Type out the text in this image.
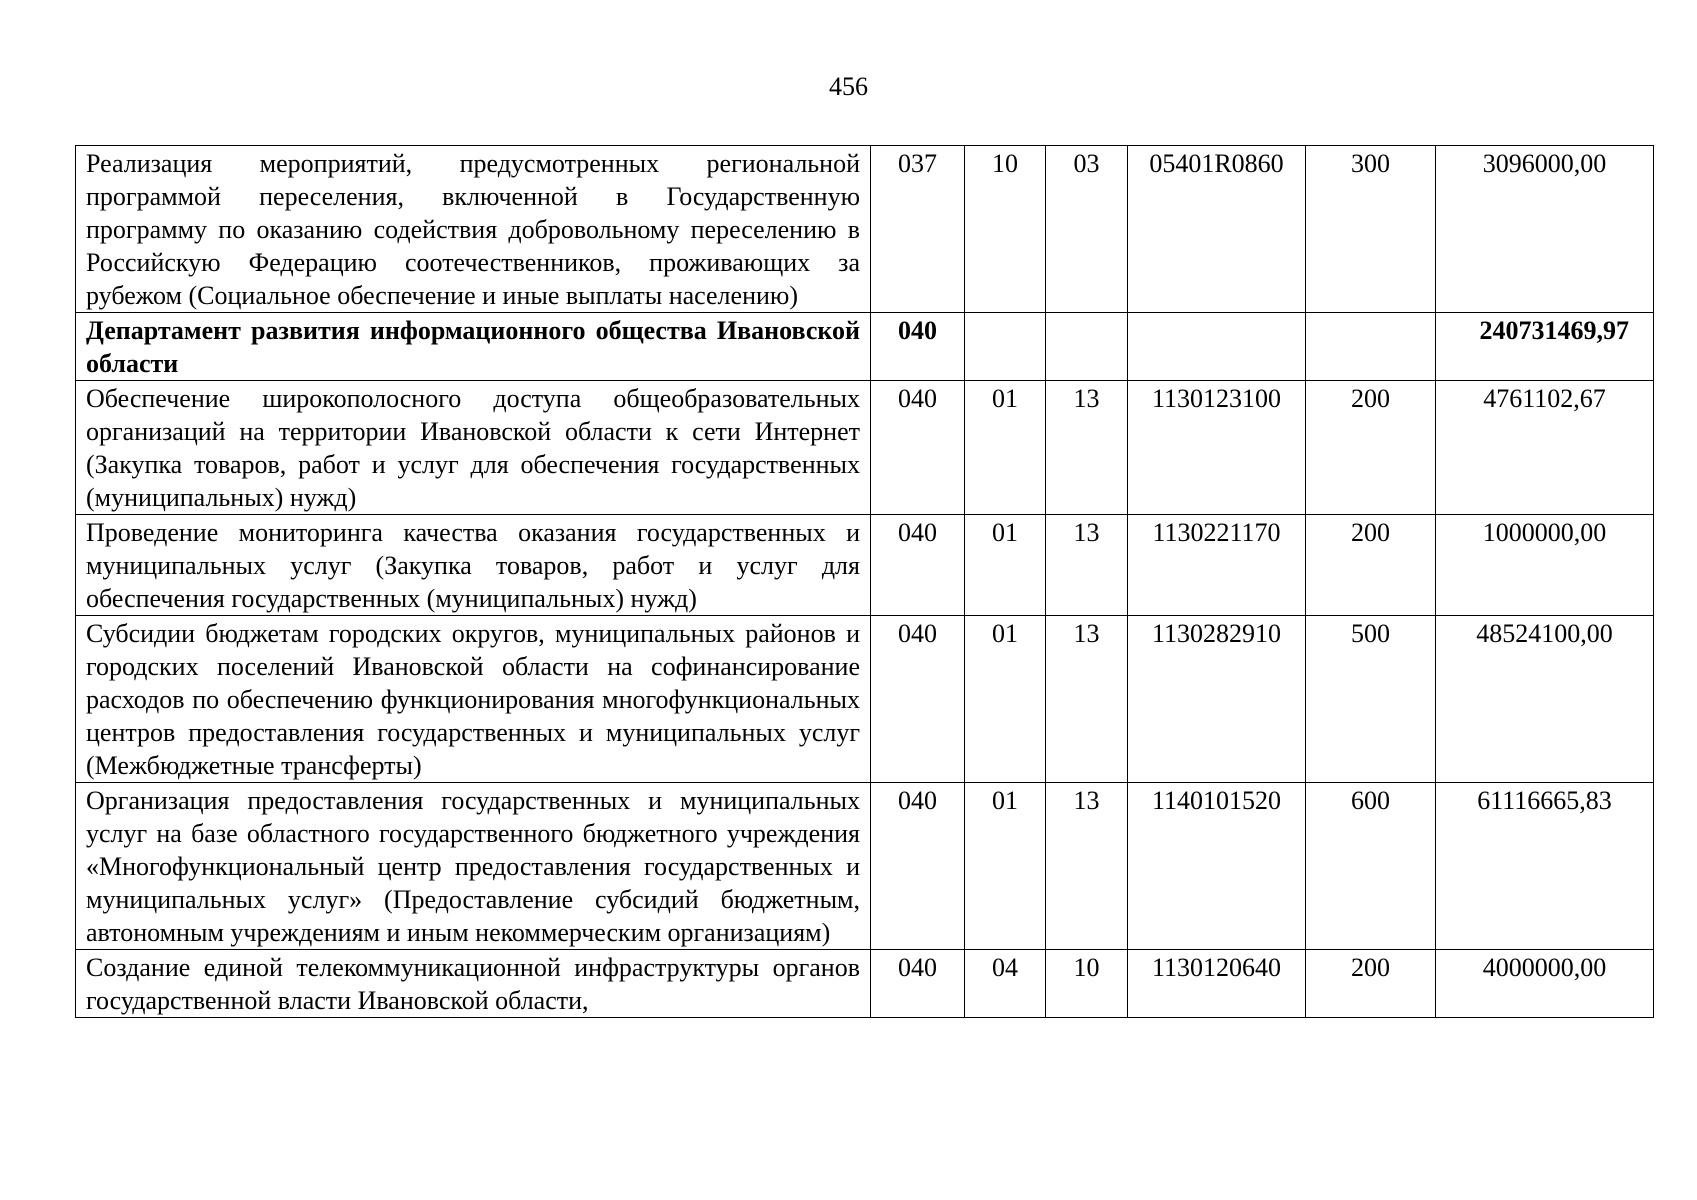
456
Реализация мероприятий, предусмотренных региональной программой переселения, включенной в Государственную программу по оказанию содействия добровольному переселению в Российскую Федерацию соотечественников, проживающих за рубежом (Социальное обеспечение и иные выплаты населению)	037	10	03	05401R0860	300	3096000,00
Департамент развития информационного общества Ивановской области	040					240731469,97
Обеспечение широкополосного доступа общеобразовательных организаций на территории Ивановской области к сети Интернет (Закупка товаров, работ и услуг для обеспечения государственных (муниципальных) нужд)	040	01	13	1130123100	200	4761102,67
Проведение мониторинга качества оказания государственных и муниципальных услуг (Закупка товаров, работ и услуг для обеспечения государственных (муниципальных) нужд)	040	01	13	1130221170	200	1000000,00
Субсидии бюджетам городских округов, муниципальных районов и городских поселений Ивановской области на софинансирование расходов по обеспечению функционирования многофункциональных центров предоставления государственных и муниципальных услуг (Межбюджетные трансферты)	040	01	13	1130282910	500	48524100,00
Организация предоставления государственных и муниципальных услуг на базе областного государственного бюджетного учреждения «Многофункциональный центр предоставления государственных и муниципальных услуг» (Предоставление субсидий бюджетным, автономным учреждениям и иным некоммерческим организациям)	040	01	13	1140101520	600	61116665,83
Создание единой телекоммуникационной инфраструктуры органов государственной власти Ивановской области,	040	04	10	1130120640	200	4000000,00
